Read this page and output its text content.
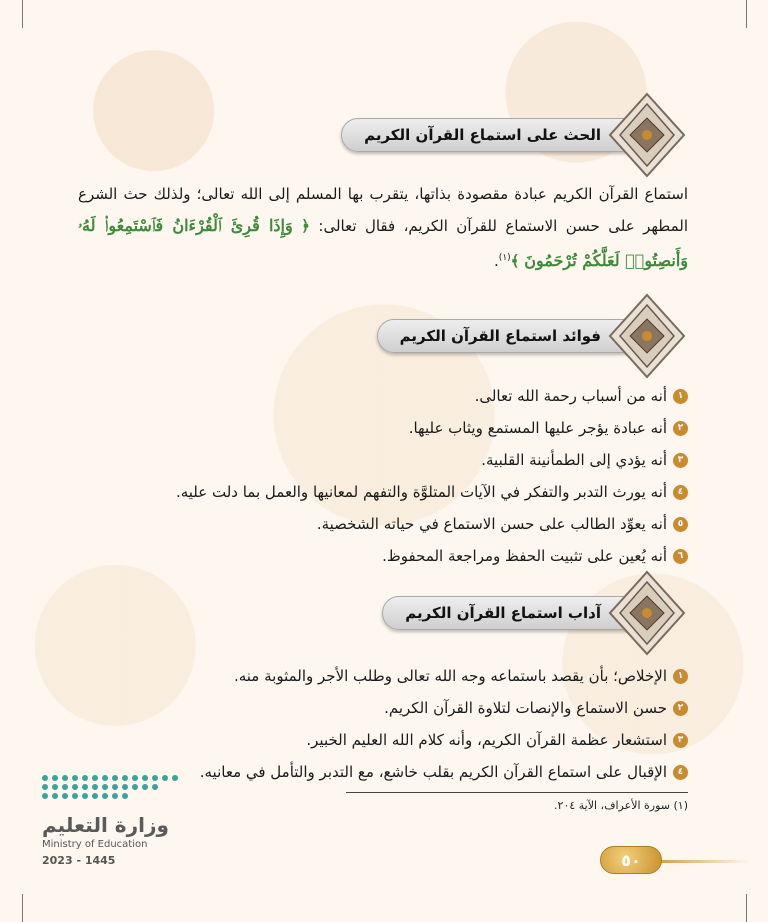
الحث على استماع القرآن الكريم
استماع القرآن الكريم عبادة مقصودة بذاتها، يتقرب بها المسلم إلى الله تعالى؛ ولذلك حث الشرع المطهر على حسن الاستماع للقرآن الكريم، فقال تعالى: ﴿ وَإِذَا قُرِئَ ٱلْقُرْءَانُ فَٱسْتَمِعُوا۟ لَهُۥ وَأَنصِتُوا۟ لَعَلَّكُمْ تُرْحَمُونَ ﴾$^{(١)}$.
فوائد استماع القرآن الكريم
١
أنه من أسباب رحمة الله تعالى.
٢
أنه عبادة يؤجر عليها المستمع ويثاب عليها.
٣
أنه يؤدي إلى الطمأنينة القلبية.
٤
أنه يورث التدبر والتفكر في الآيات المتلوَّة والتفهم لمعانيها والعمل بما دلت عليه.
٥
أنه يعوِّد الطالب على حسن الاستماع في حياته الشخصية.
٦
أنه يُعين على تثبيت الحفظ ومراجعة المحفوظ.
آداب استماع القرآن الكريم
١
الإخلاص؛ بأن يقصد باستماعه وجه الله تعالى وطلب الأجر والمثوبة منه.
٢
حسن الاستماع والإنصات لتلاوة القرآن الكريم.
٣
استشعار عظمة القرآن الكريم، وأنه كلام الله العليم الخبير.
٤
الإقبال على استماع القرآن الكريم بقلب خاشع، مع التدبر والتأمل في معانيه.
(١) سورة الأعراف، الآية ٢٠٤.
وزارة التعليم
Ministry of Education
2023 - 1445	٥٠
